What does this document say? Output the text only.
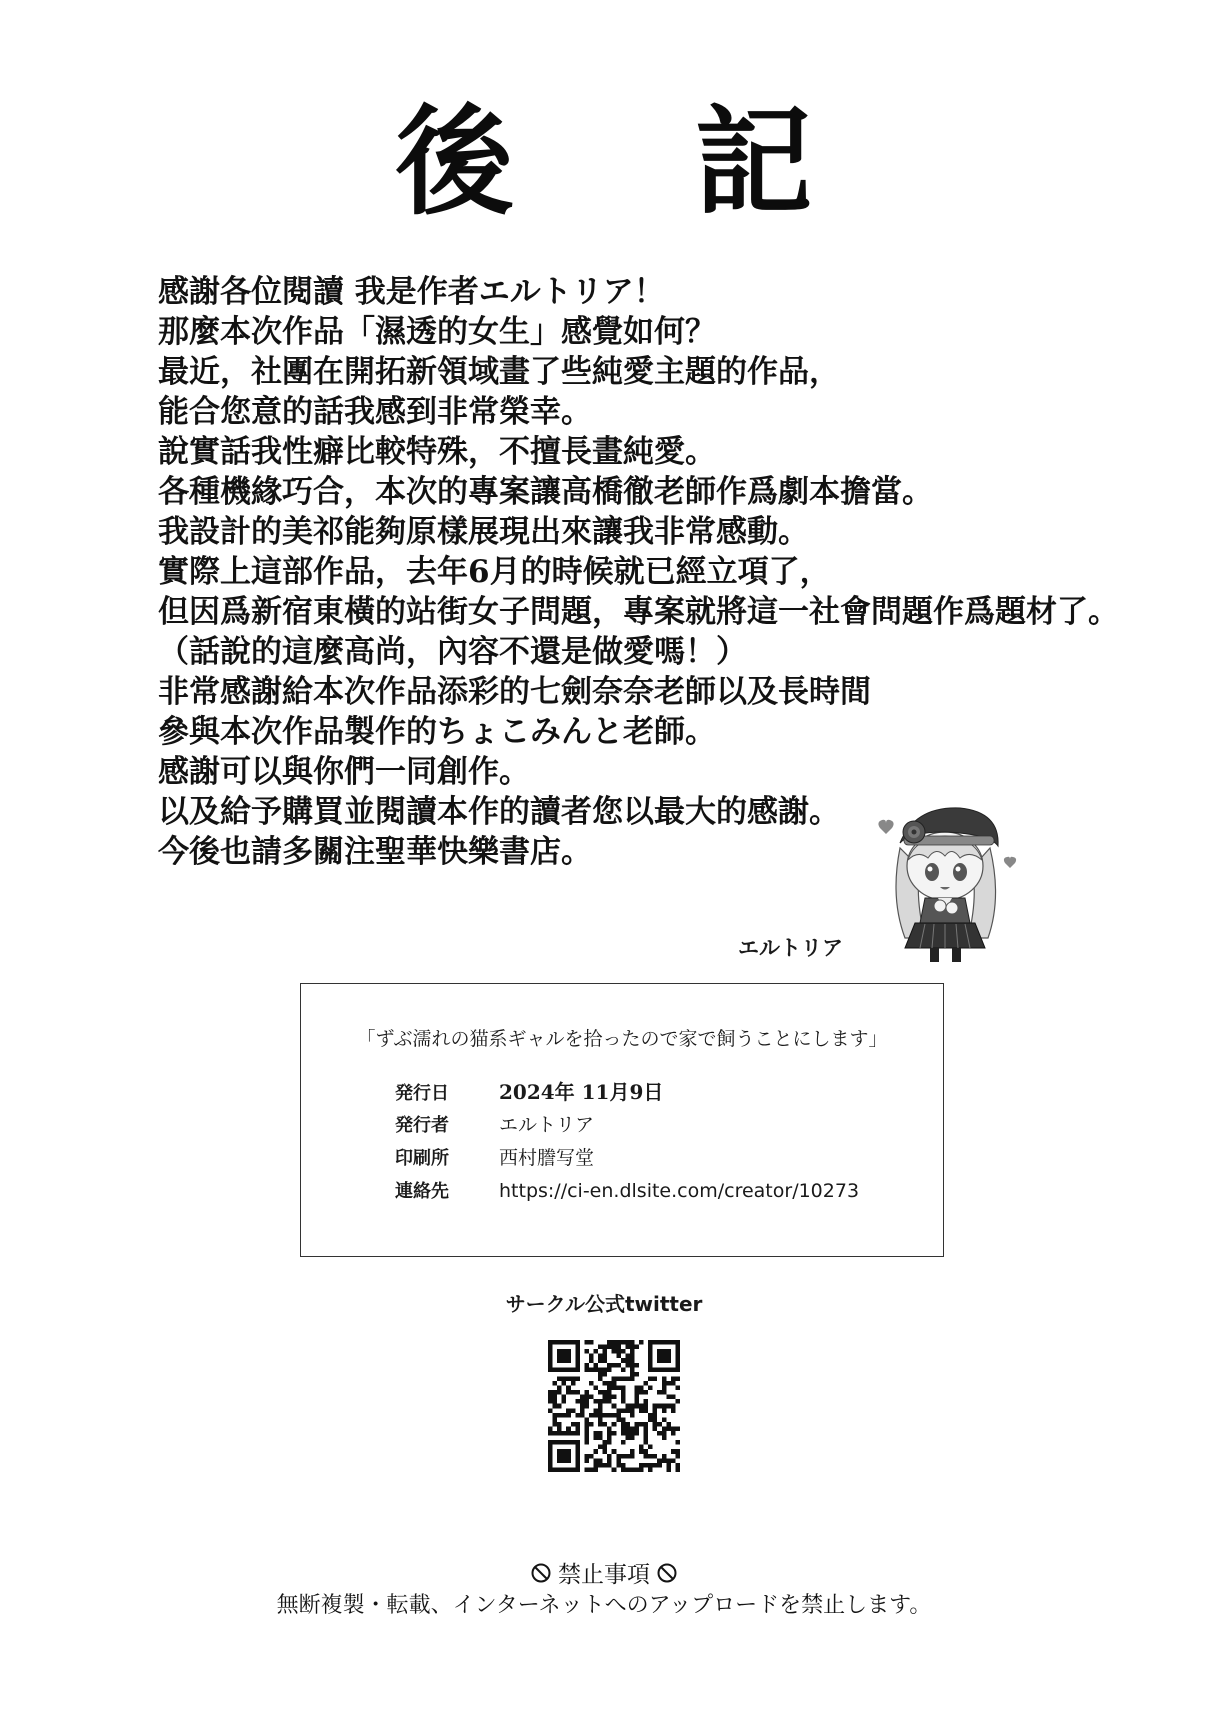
後 記
感謝各位閱讀 我是作者エルトリア！
那麼本次作品「濕透的女生」感覺如何？
最近，社團在開拓新領域畫了些純愛主題的作品，
能合您意的話我感到非常榮幸。
說實話我性癖比較特殊，不擅長畫純愛。
各種機緣巧合，本次的專案讓高橋徹老師作爲劇本擔當。
我設計的美祁能夠原樣展現出來讓我非常感動。
實際上這部作品，去年6月的時候就已經立項了，
但因爲新宿東橫的站街女子問題，專案就將這一社會問題作爲題材了。
（話說的這麼高尚，內容不還是做愛嗎！）
非常感謝給本次作品添彩的七劍奈奈老師以及長時間
參與本次作品製作的ちょこみんと老師。
感謝可以與你們一同創作。
以及給予購買並閱讀本作的讀者您以最大的感謝。
今後也請多關注聖華快樂書店。
エルトリア
「ずぶ濡れの猫系ギャルを拾ったので家で飼うことにします」
発行日	2024年 11月9日
発行者	エルトリア
印刷所	西村謄写堂
連絡先	https://ci-en.dlsite.com/creator/10273
サークル公式twitter
禁止事項
無断複製・転載、インターネットへのアップロードを禁止します。
